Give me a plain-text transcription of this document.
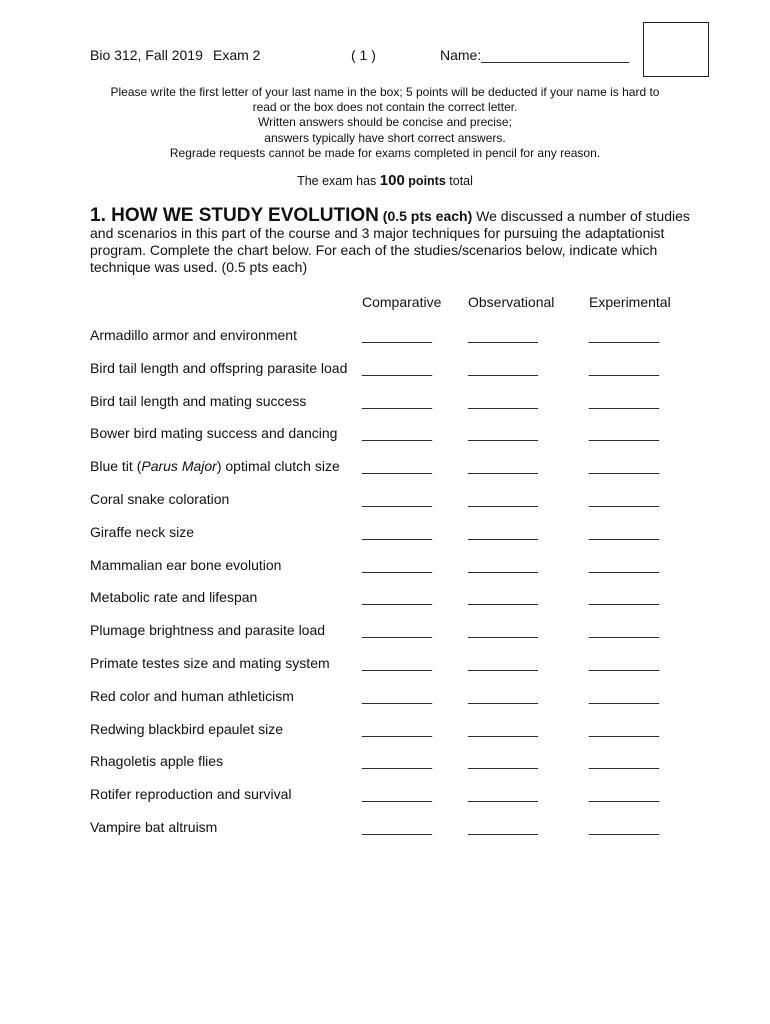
Bio 312, Fall 2019 Exam 2	( 1 )	Name:___________________
Please write the first letter of your last name in the box; 5 points will be deducted if your name is hard to
read or the box does not contain the correct letter.
Written answers should be concise and precise;
answers typically have short correct answers.
Regrade requests cannot be made for exams completed in pencil for any reason.
The exam has 100 points total
1. HOW WE STUDY EVOLUTION (0.5 pts each) We discussed a number of studies and scenarios in this part of the course and 3 major techniques for pursuing the adaptationist program. Complete the chart below. For each of the studies/scenarios below, indicate which technique was used. (0.5 pts each)
Comparative Observational Experimental
Armadillo armor and environment	_________	_________	_________
Bird tail length and offspring parasite load _________	_________	_________
Bird tail length and mating success	_________	_________	_________
Bower bird mating success and dancing _________	_________	_________
Blue tit (Parus Major) optimal clutch size _________	_________	_________
Coral snake coloration	_________	_________	_________
Giraffe neck size	_________	_________	_________
Mammalian ear bone evolution	_________	_________	_________
Metabolic rate and lifespan	_________	_________	_________
Plumage brightness and parasite load	_________	_________	_________
Primate testes size and mating system _________	_________	_________
Red color and human athleticism	_________	_________	_________
Redwing blackbird epaulet size	_________	_________	_________
Rhagoletis apple flies	_________	_________	_________
Rotifer reproduction and survival	_________	_________	_________
Vampire bat altruism	_________	_________	_________
